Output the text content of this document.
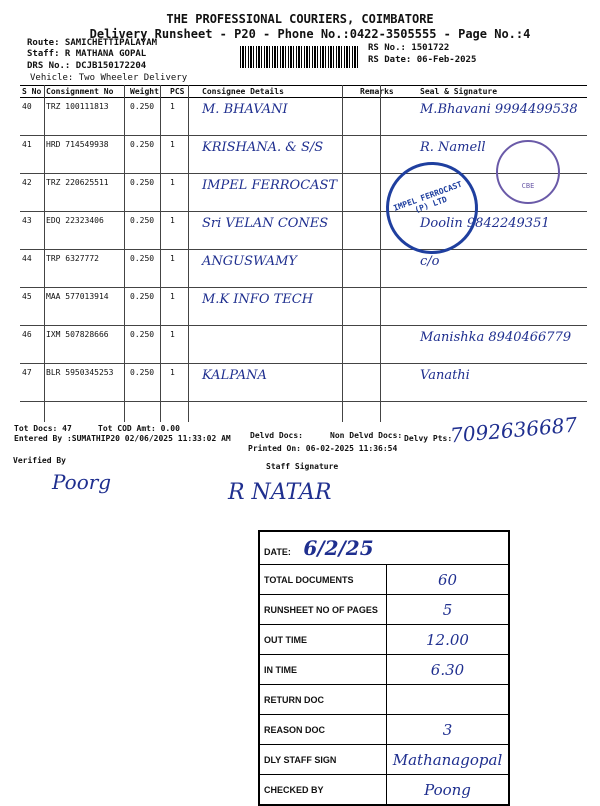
THE PROFESSIONAL COURIERS, COIMBATORE
Delivery Runsheet - P20 - Phone No.:0422-3505555 - Page No.:4
Route: SAMICHETTIPALAYAM
Staff: R MATHANA GOPAL
DRS No.: DCJB150172204
Vehicle: Two Wheeler Delivery
RS No.: 1501722
RS Date: 06-Feb-2025
S No	Consignment No	Weight	PCS	Consignee Details	Remarks	Seal & Signature
40	TRZ 100111813	0.250	1	M. BHAVANI		M.Bhavani 9994499538
41	HRD 714549938	0.250	1	KRISHANA. & S/S		R. Namell
42	TRZ 220625511	0.250	1	IMPEL FERROCAST		
43	EDQ 22323406	0.250	1	Sri VELAN CONES		Doolin 9842249351
44	TRP 6327772	0.250	1	ANGUSWAMY		c/o
45	MAA 577013914	0.250	1	M.K INFO TECH		
46	IXM 507828666	0.250	1			Manishka 8940466779
47	BLR 5950345253	0.250	1	KALPANA		Vanathi
IMPEL FERROCAST (P) LTD
CBE
Tot Docs: 47	Tot COD Amt: 0.00
Delvd Docs:	Non Delvd Docs: Delvy Pts:
7092636687
Entered By :SUMATHIP20 02/06/2025 11:33:02 AM
Printed On: 06-02-2025 11:36:54
Verified By
Poorg
Staff Signature
R NATAR
DATE: 6/2/25	
TOTAL DOCUMENTS	60
RUNSHEET NO OF PAGES	5
OUT TIME	12.00
IN TIME	6.30
RETURN DOC	
REASON DOC	3
DLY STAFF SIGN	Mathanagopal
CHECKED BY	Poong
